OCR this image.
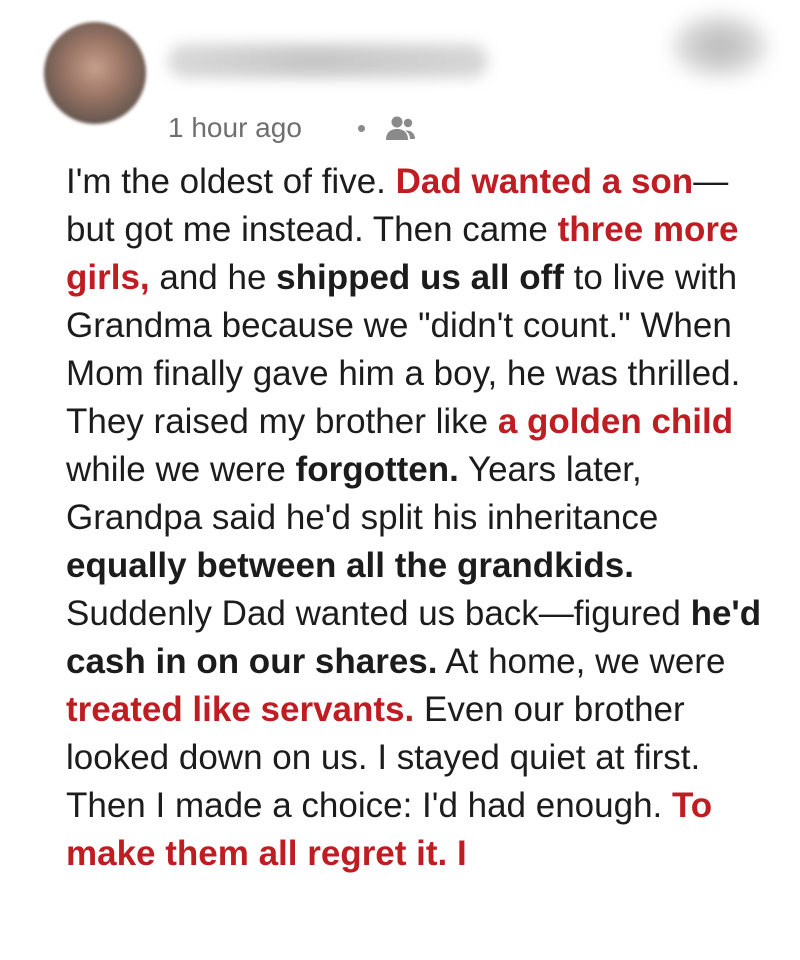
1 hour ago

I'm the oldest of five. Dad wanted a son—but got me instead. Then came three more girls, and he shipped us all off to live with Grandma because we "didn't count." When Mom finally gave him a boy, he was thrilled. They raised my brother like a golden child while we were forgotten. Years later, Grandpa said he'd split his inheritance equally between all the grandkids. Suddenly Dad wanted us back—figured he'd cash in on our shares. At home, we were treated like servants. Even our brother looked down on us. I stayed quiet at first. Then I made a choice: I'd had enough. To make them all regret it. I
